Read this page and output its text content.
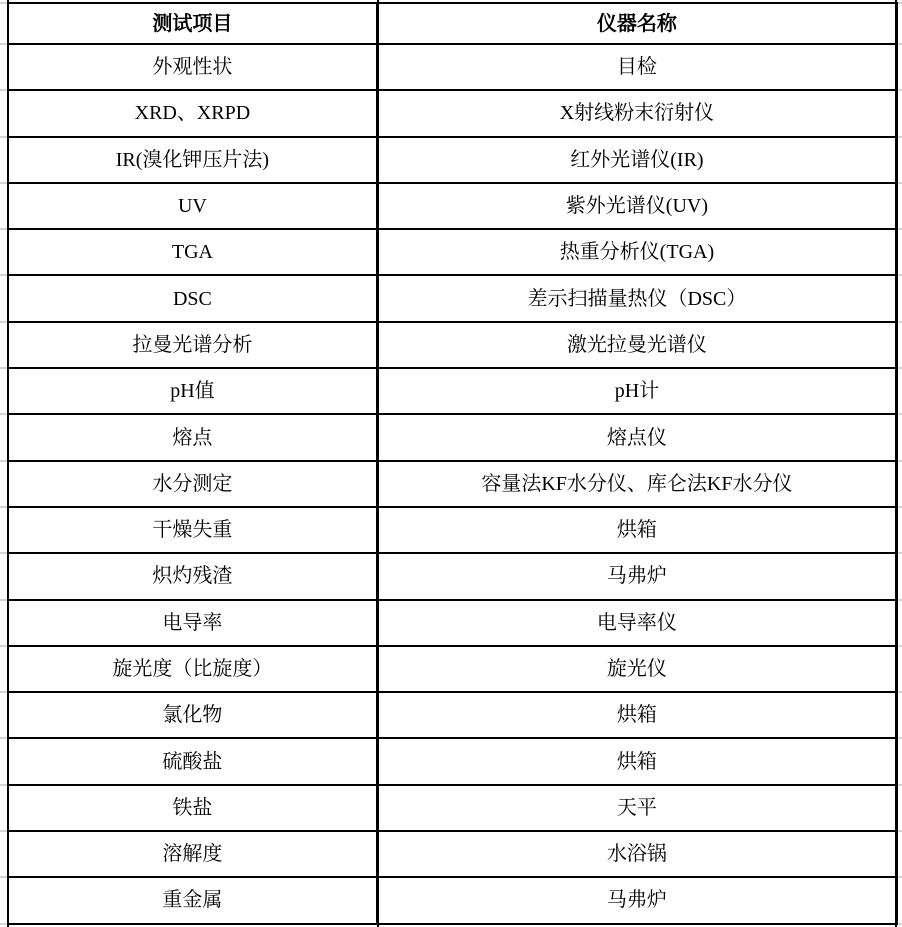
测试项目	仪器名称
外观性状	目检
XRD、XRPD	X射线粉末衍射仪
IR(溴化钾压片法)	红外光谱仪(IR)
UV	紫外光谱仪(UV)
TGA	热重分析仪(TGA)
DSC	差示扫描量热仪（DSC）
拉曼光谱分析	激光拉曼光谱仪
pH值	pH计
熔点	熔点仪
水分测定	容量法KF水分仪、库仑法KF水分仪
干燥失重	烘箱
炽灼残渣	马弗炉
电导率	电导率仪
旋光度（比旋度）	旋光仪
氯化物	烘箱
硫酸盐	烘箱
铁盐	天平
溶解度	水浴锅
重金属	马弗炉
